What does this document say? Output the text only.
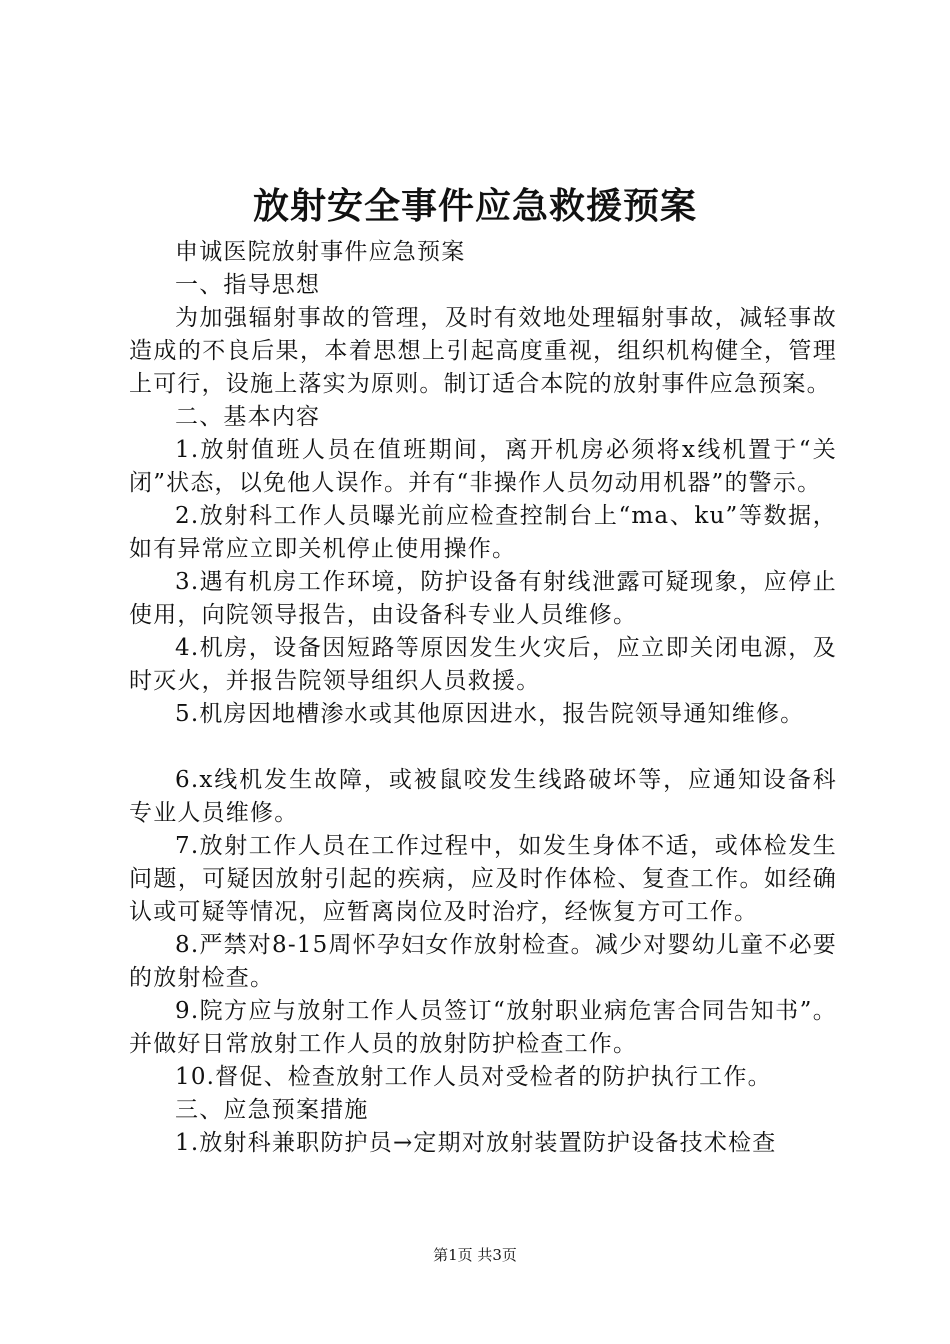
放射安全事件应急救援预案

申诚医院放射事件应急预案

一、指导思想

为加强辐射事故的管理，及时有效地处理辐射事故，减轻事故造成的不良后果，本着思想上引起高度重视，组织机构健全，管理上可行，设施上落实为原则。制订适合本院的放射事件应急预案。

二、基本内容

1.放射值班人员在值班期间，离开机房必须将x线机置于“关闭”状态，以免他人误作。并有“非操作人员勿动用机器”的警示。

2.放射科工作人员曝光前应检查控制台上“ma、ku”等数据，如有异常应立即关机停止使用操作。

3.遇有机房工作环境，防护设备有射线泄露可疑现象，应停止使用，向院领导报告，由设备科专业人员维修。

4.机房，设备因短路等原因发生火灾后，应立即关闭电源，及时灭火，并报告院领导组织人员救援。

5.机房因地槽渗水或其他原因进水，报告院领导通知维修。

6.x线机发生故障，或被鼠咬发生线路破坏等，应通知设备科专业人员维修。

7.放射工作人员在工作过程中，如发生身体不适，或体检发生问题，可疑因放射引起的疾病，应及时作体检、复查工作。如经确认或可疑等情况，应暂离岗位及时治疗，经恢复方可工作。

8.严禁对8-15周怀孕妇女作放射检查。减少对婴幼儿童不必要的放射检查。

9.院方应与放射工作人员签订“放射职业病危害合同告知书”。并做好日常放射工作人员的放射防护检查工作。

10.督促、检查放射工作人员对受检者的防护执行工作。

三、应急预案措施

1.放射科兼职防护员→定期对放射装置防护设备技术检查

第1页 共3页
